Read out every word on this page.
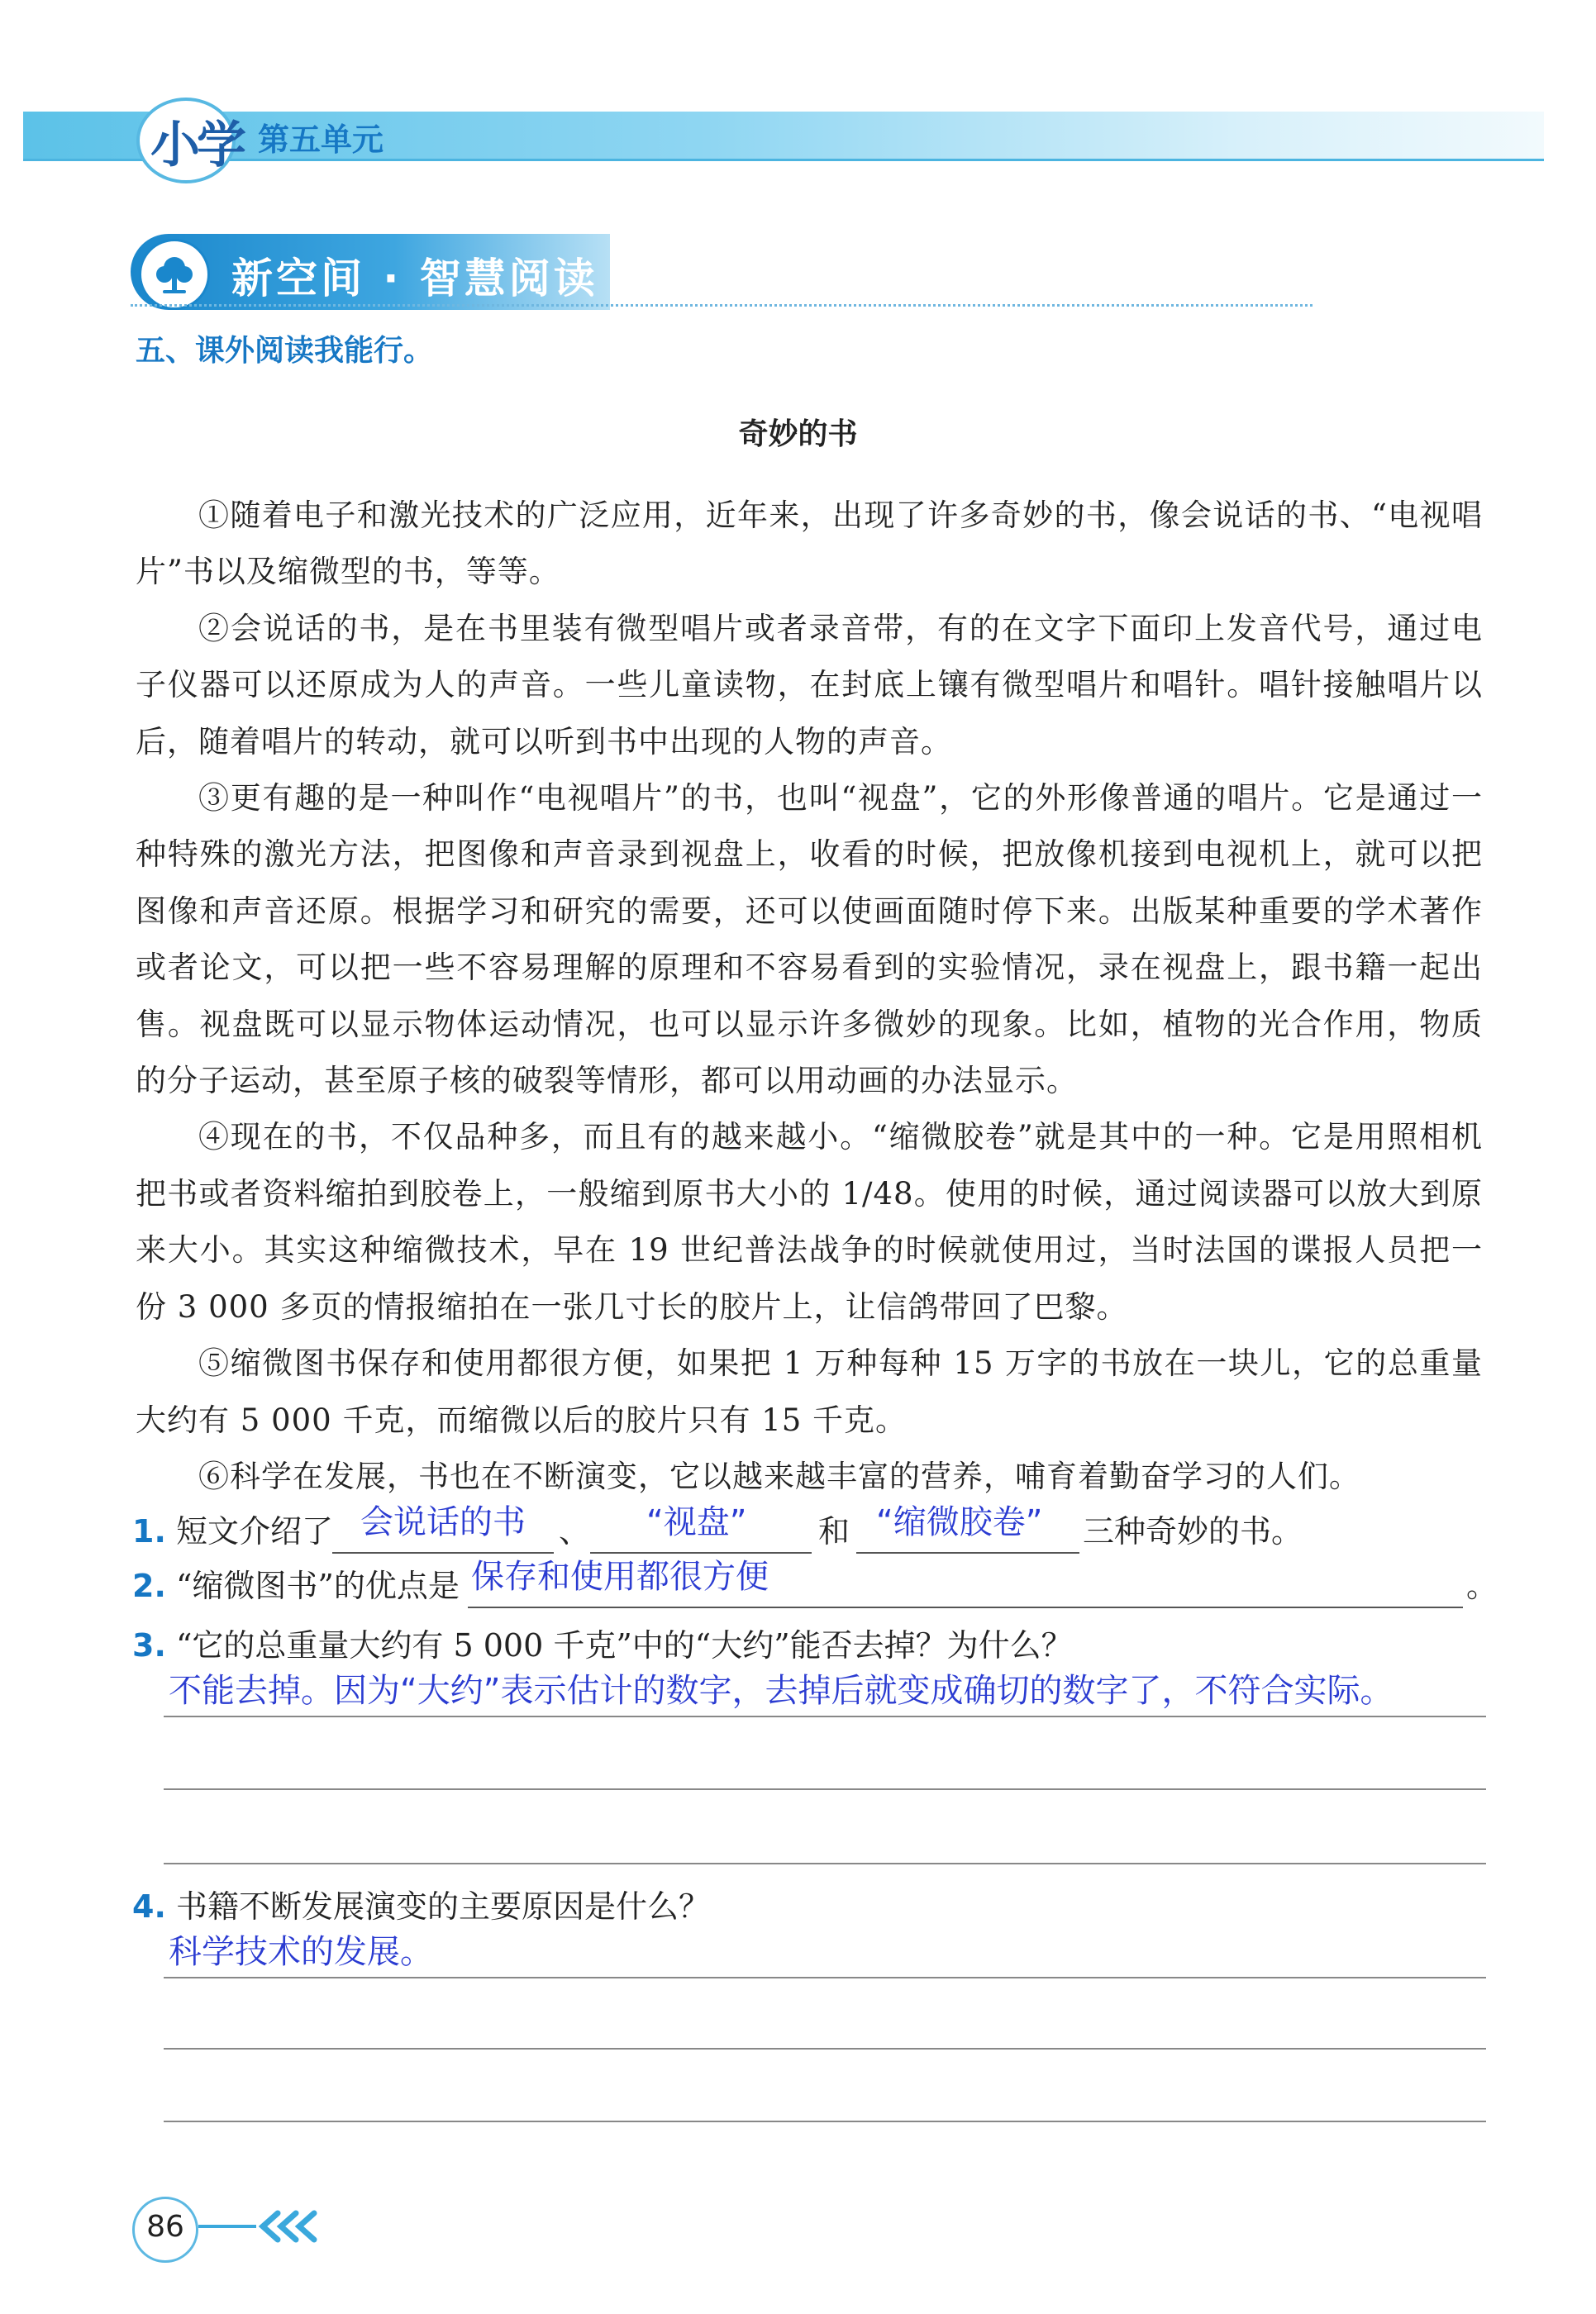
小学 第五单元
新空间 · 智慧阅读
五、课外阅读我能行。
奇妙的书

①随着电子和激光技术的广泛应用，近年来，出现了许多奇妙的书，像会说话的书、“电视唱片”书以及缩微型的书，等等。

②会说话的书，是在书里装有微型唱片或者录音带，有的在文字下面印上发音代号，通过电子仪器可以还原成为人的声音。一些儿童读物，在封底上镶有微型唱片和唱针。唱针接触唱片以后，随着唱片的转动，就可以听到书中出现的人物的声音。

③更有趣的是一种叫作“电视唱片”的书，也叫“视盘”，它的外形像普通的唱片。它是通过一种特殊的激光方法，把图像和声音录到视盘上，收看的时候，把放像机接到电视机上，就可以把图像和声音还原。根据学习和研究的需要，还可以使画面随时停下来。出版某种重要的学术著作或者论文，可以把一些不容易理解的原理和不容易看到的实验情况，录在视盘上，跟书籍一起出售。视盘既可以显示物体运动情况，也可以显示许多微妙的现象。比如，植物的光合作用，物质的分子运动，甚至原子核的破裂等情形，都可以用动画的办法显示。

④现在的书，不仅品种多，而且有的越来越小。“缩微胶卷”就是其中的一种。它是用照相机把书或者资料缩拍到胶卷上，一般缩到原书大小的 1/48。使用的时候，通过阅读器可以放大到原来大小。其实这种缩微技术，早在 19 世纪普法战争的时候就使用过，当时法国的谍报人员把一份 3 000 多页的情报缩拍在一张几寸长的胶片上，让信鸽带回了巴黎。

⑤缩微图书保存和使用都很方便，如果把 1 万种每种 15 万字的书放在一块儿，它的总重量大约有 5 000 千克，而缩微以后的胶片只有 15 千克。

⑥科学在发展，书也在不断演变，它以越来越丰富的营养，哺育着勤奋学习的人们。

1. 短文介绍了 会说话的书 、 “视盘” 和 “缩微胶卷” 三种奇妙的书。
2. “缩微图书”的优点是 保存和使用都很方便	。
3. “它的总重量大约有 5 000 千克”中的“大约”能否去掉？为什么？
不能去掉。因为“大约”表示估计的数字，去掉后就变成确切的数字了，不符合实际。
4. 书籍不断发展演变的主要原因是什么？
科学技术的发展。
86
